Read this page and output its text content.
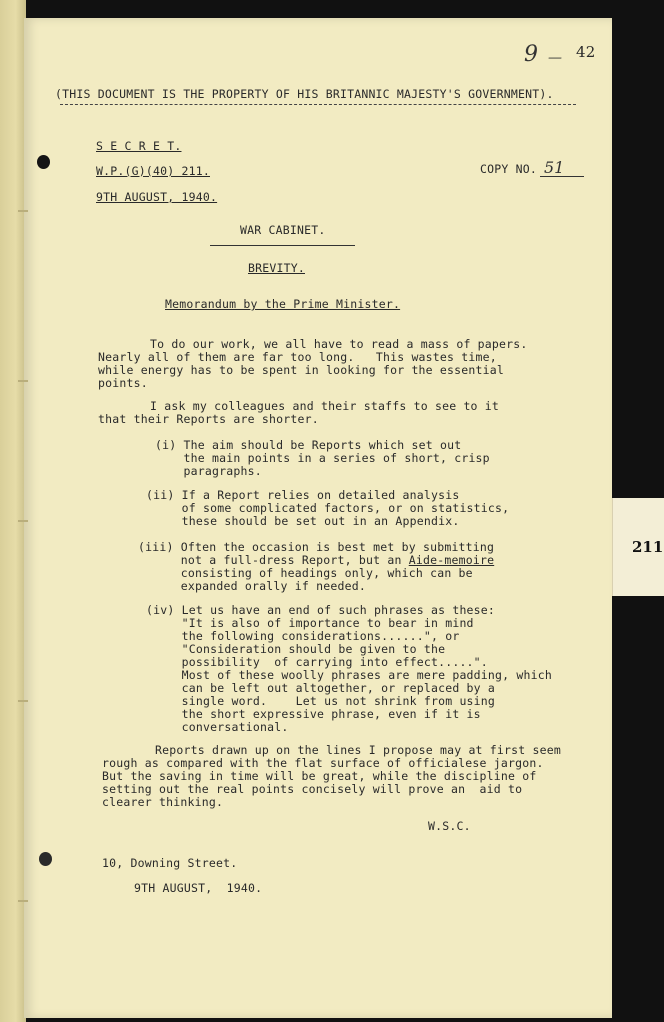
9 — 42
(THIS DOCUMENT IS THE PROPERTY OF HIS BRITANNIC MAJESTY'S GOVERNMENT).
S E C R E T.
W.P.(G)(40) 211.	COPY NO. 51
9TH AUGUST, 1940.
WAR CABINET.
BREVITY.
Memorandum by the Prime Minister.
To do our work, we all have to read a mass of papers.
Nearly all of them are far too long.   This wastes time,
while energy has to be spent in looking for the essential
points.
I ask my colleagues and their staffs to see to it
that their Reports are shorter.
(i) The aim should be Reports which set out
the main points in a series of short, crisp
paragraphs.
(ii) If a Report relies on detailed analysis
of some complicated factors, or on statistics,
these should be set out in an Appendix.
(iii) Often the occasion is best met by submitting
not a full-dress Report, but an Aide-memoire
consisting of headings only, which can be
expanded orally if needed.
(iv) Let us have an end of such phrases as these:
"It is also of importance to bear in mind
the following considerations......", or
"Consideration should be given to the
possibility  of carrying into effect.....".
Most of these woolly phrases are mere padding, which
can be left out altogether, or replaced by a
single word.    Let us not shrink from using
the short expressive phrase, even if it is
conversational.
Reports drawn up on the lines I propose may at first seem
rough as compared with the flat surface of officialese jargon.
But the saving in time will be great, while the discipline of
setting out the real points concisely will prove an  aid to
clearer thinking.
W.S.C.
10, Downing Street.
9TH AUGUST,  1940.
211
